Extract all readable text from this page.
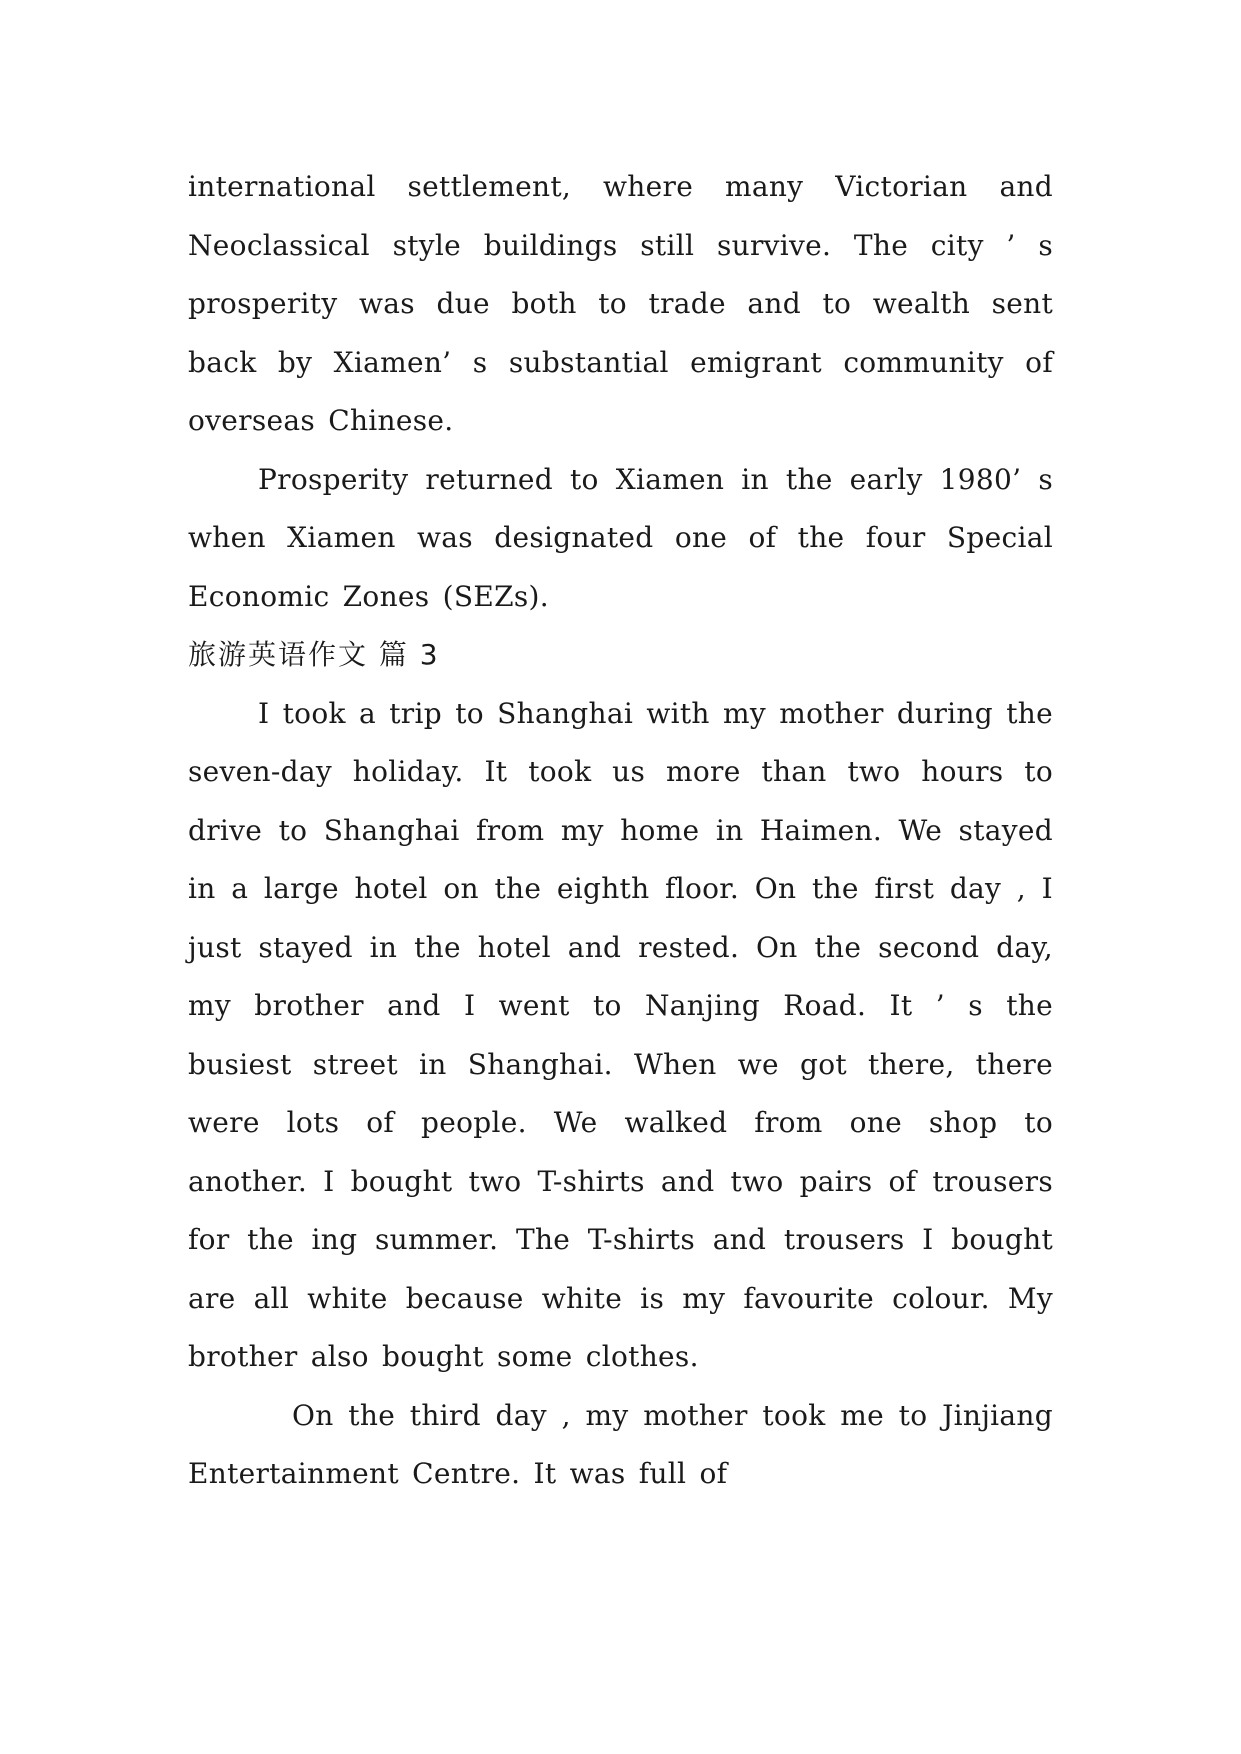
international settlement, where many Victorian and Neoclassical style buildings still survive. The city ’ s prosperity was due both to trade and to wealth sent back by Xiamen’ s substantial emigrant community of overseas Chinese.

Prosperity returned to Xiamen in the early 1980’ s when Xiamen was designated one of the four Special Economic Zones (SEZs).

旅游英语作文 篇 3

I took a trip to Shanghai with my mother during the seven-day holiday. It took us more than two hours to drive to Shanghai from my home in Haimen. We stayed in a large hotel on the eighth floor. On the first day , I just stayed in the hotel and rested. On the second day, my brother and I went to Nanjing Road. It ’ s the busiest street in Shanghai. When we got there, there were lots of people. We walked from one shop to another. I bought two T-shirts and two pairs of trousers for the ing summer. The T-shirts and trousers I bought are all white because white is my favourite colour. My brother also bought some clothes.

On the third day , my mother took me to Jinjiang Entertainment Centre. It was full of
